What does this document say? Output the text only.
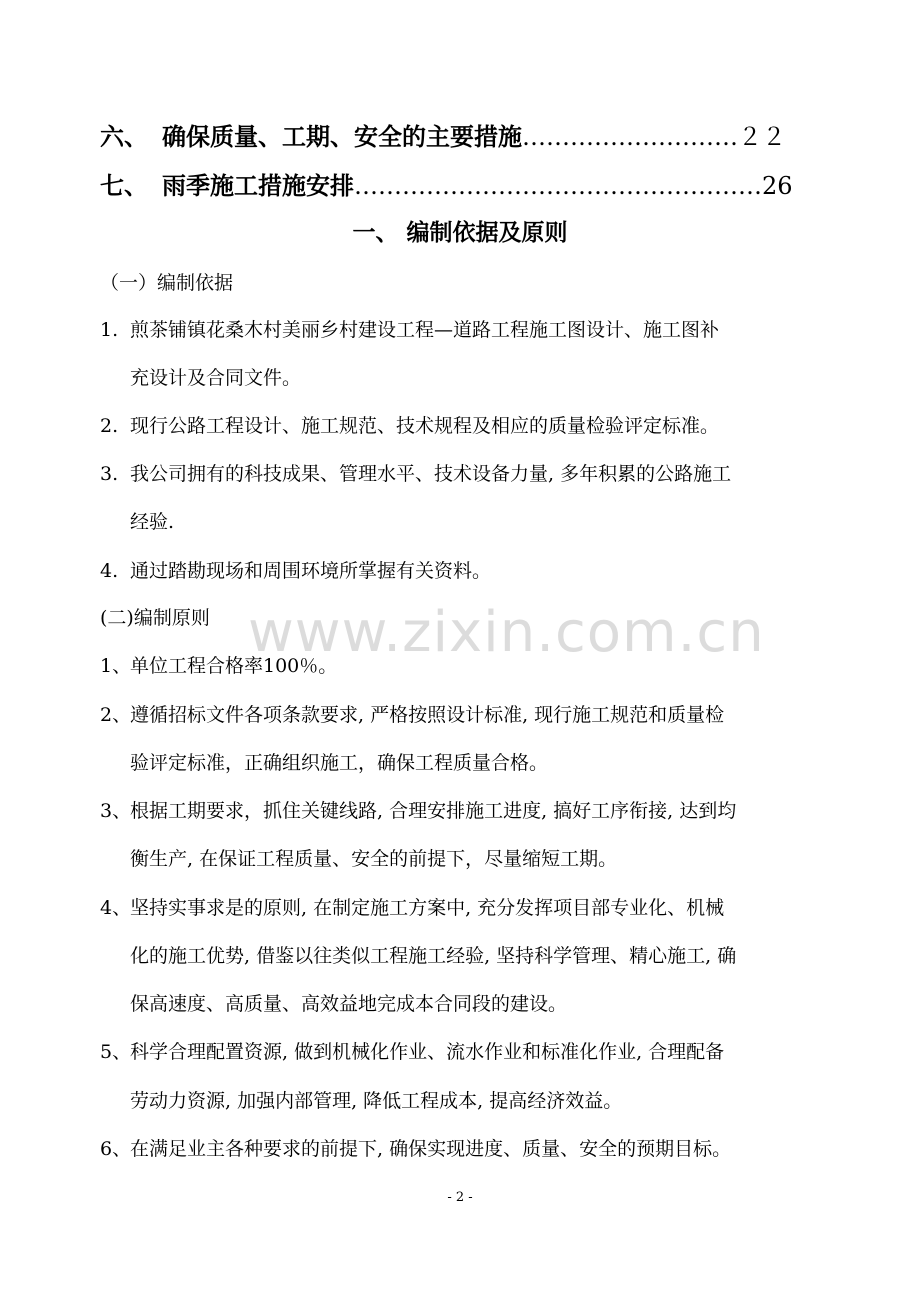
六、 确保质量、工期、安全的主要措施………………………２２
七、 雨季施工措施安排……………………………………………26
一、 编制依据及原则
（一）编制依据
1. 煎茶铺镇花桑木村美丽乡村建设工程—道路工程施工图设计、施工图补
充设计及合同文件。
2. 现行公路工程设计、施工规范、技术规程及相应的质量检验评定标准。
3. 我公司拥有的科技成果、管理水平、技术设备力量, 多年积累的公路施工
经验.
4. 通过踏勘现场和周围环境所掌握有关资料。
(二)编制原则 www.zixin.com.cn
1、单位工程合格率100％。
2、遵循招标文件各项条款要求, 严格按照设计标准, 现行施工规范和质量检
验评定标准，正确组织施工，确保工程质量合格。
3、根据工期要求，抓住关键线路, 合理安排施工进度, 搞好工序衔接, 达到均
衡生产, 在保证工程质量、安全的前提下，尽量缩短工期。
4、坚持实事求是的原则, 在制定施工方案中, 充分发挥项目部专业化、机械
化的施工优势, 借鉴以往类似工程施工经验, 坚持科学管理、精心施工, 确
保高速度、高质量、高效益地完成本合同段的建设。
5、科学合理配置资源, 做到机械化作业、流水作业和标准化作业, 合理配备
劳动力资源, 加强内部管理, 降低工程成本, 提高经济效益。
6、在满足业主各种要求的前提下, 确保实现进度、质量、安全的预期目标。
- 2 -
